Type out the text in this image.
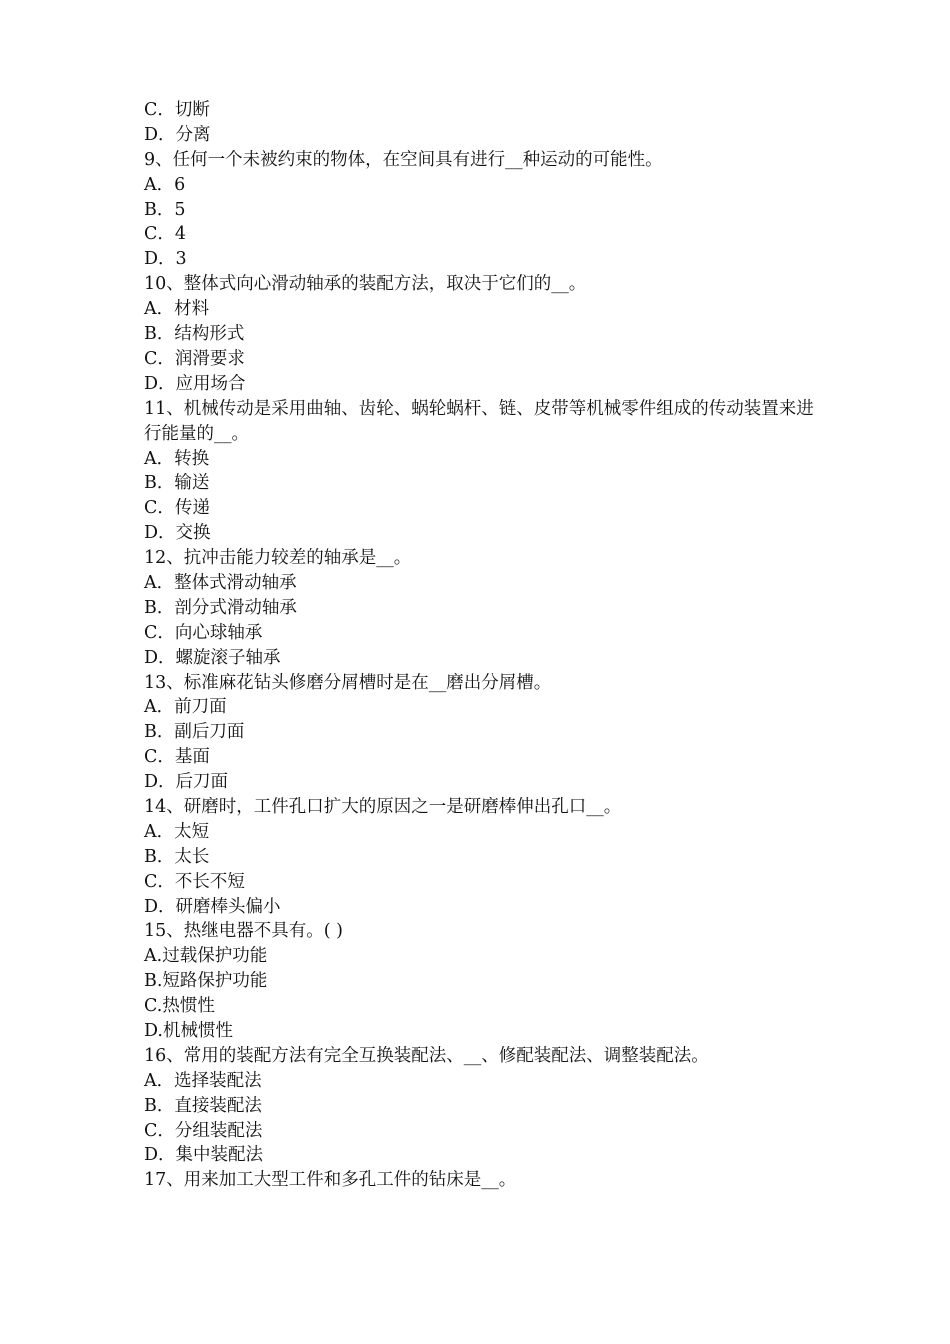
C．切断
D．分离
9、任何一个未被约束的物体，在空间具有进行__种运动的可能性。
A．6
B．5
C．4
D．3
10、整体式向心滑动轴承的装配方法，取决于它们的__。
A．材料
B．结构形式
C．润滑要求
D．应用场合
11、机械传动是采用曲轴、齿轮、蜗轮蜗杆、链、皮带等机械零件组成的传动装置来进行能量的__。
A．转换
B．输送
C．传递
D．交换
12、抗冲击能力较差的轴承是__。
A．整体式滑动轴承
B．剖分式滑动轴承
C．向心球轴承
D．螺旋滚子轴承
13、标准麻花钻头修磨分屑槽时是在__磨出分屑槽。
A．前刀面
B．副后刀面
C．基面
D．后刀面
14、研磨时，工件孔口扩大的原因之一是研磨棒伸出孔口__。
A．太短
B．太长
C．不长不短
D．研磨棒头偏小
15、热继电器不具有。( )
A.过载保护功能
B.短路保护功能
C.热惯性
D.机械惯性
16、常用的装配方法有完全互换装配法、__、修配装配法、调整装配法。
A．选择装配法
B．直接装配法
C．分组装配法
D．集中装配法
17、用来加工大型工件和多孔工件的钻床是__。
